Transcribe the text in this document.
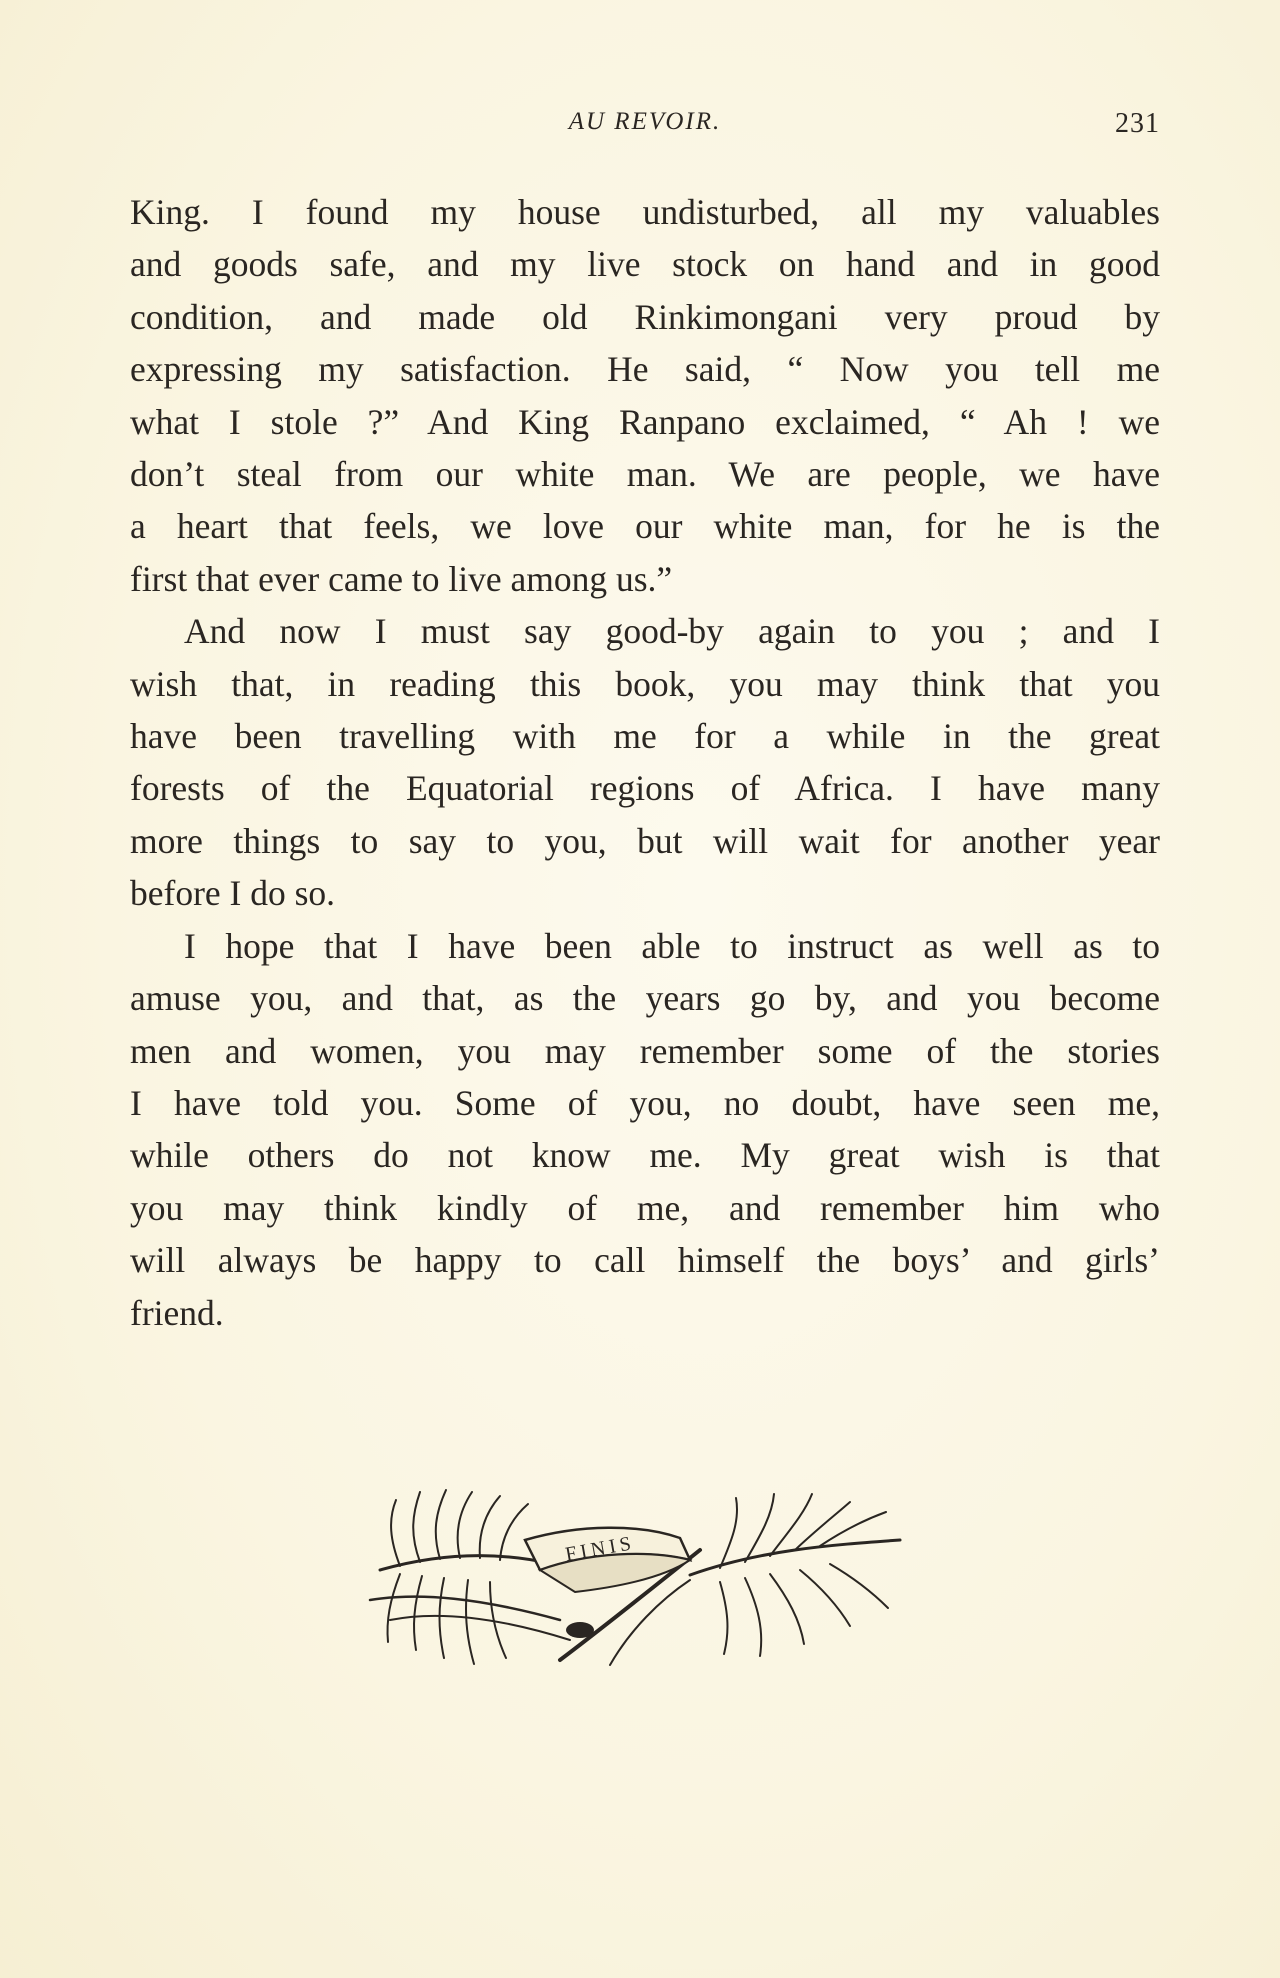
AU REVOIR.	231

King. I found my house undisturbed, all my valuables

and goods safe, and my live stock on hand and in good

condition, and made old Rinkimongani very proud by

expressing my satisfaction. He said, “ Now you tell me

what I stole ?” And King Ranpano exclaimed, “ Ah ! we

don’t steal from our white man. We are people, we have

a heart that feels, we love our white man, for he is the

first that ever came to live among us.”

And now I must say good-by again to you ; and I

wish that, in reading this book, you may think that you

have been travelling with me for a while in the great

forests of the Equatorial regions of Africa. I have many

more things to say to you, but will wait for another year

before I do so.

I hope that I have been able to instruct as well as to

amuse you, and that, as the years go by, and you become

men and women, you may remember some of the stories

I have told you. Some of you, no doubt, have seen me,

while others do not know me. My great wish is that

you may think kindly of me, and remember him who

will always be happy to call himself the boys’ and girls’

friend.

FINIS
